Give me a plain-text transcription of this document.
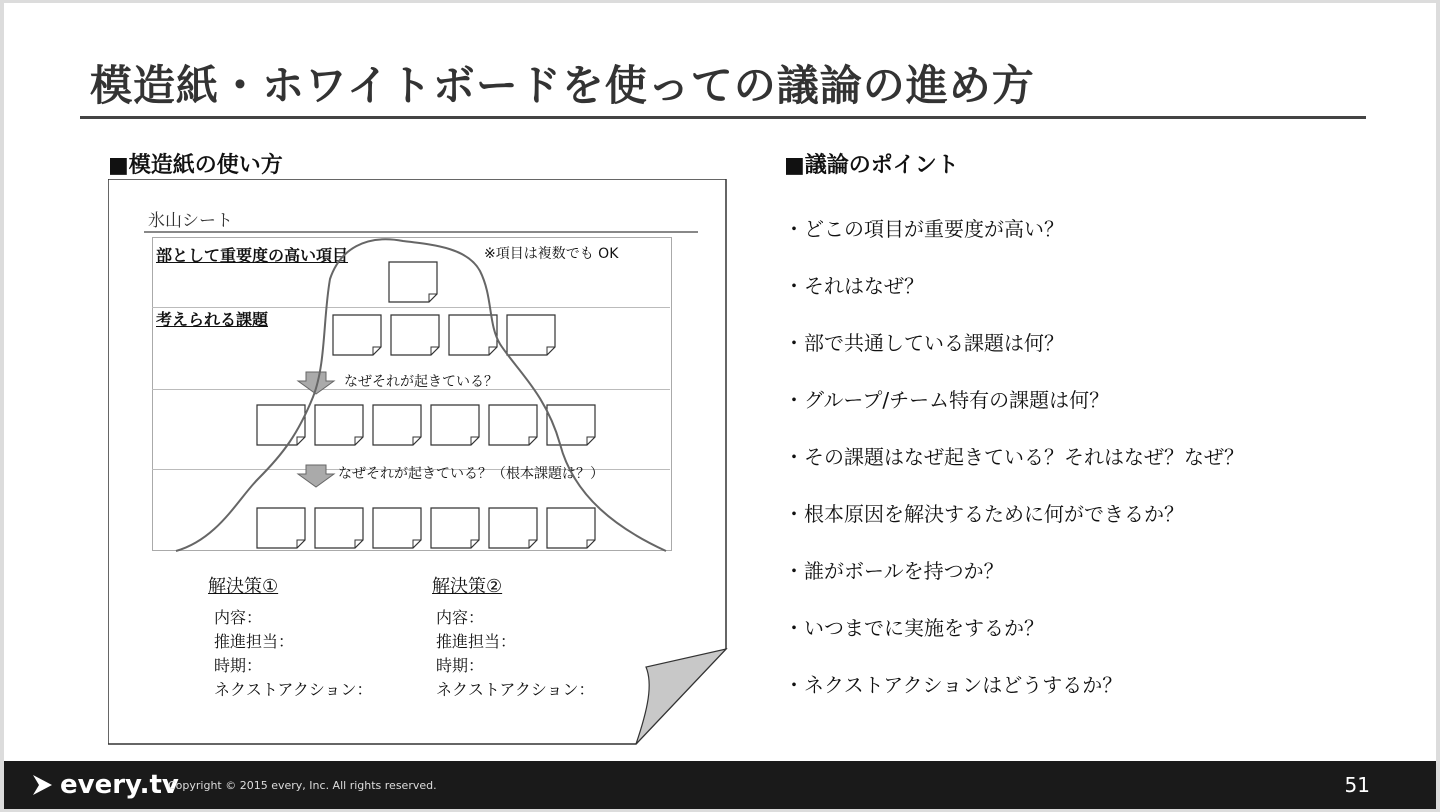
模造紙・ホワイトボードを使っての議論の進め方
■模造紙の使い方	■議論のポイント
氷山シート
部として重要度の高い項目	※項目は複数でも OK
考えられる課題
なぜそれが起きている？
なぜそれが起きている？（根本課題は？）
解決策①
内容：
推進担当：
時期：
ネクストアクション：
解決策②
内容：
推進担当：
時期：
ネクストアクション：
・どこの項目が重要度が高い？
・それはなぜ？
・部で共通している課題は何？
・グループ/チーム特有の課題は何？
・その課題はなぜ起きている？それはなぜ？なぜ？
・根本原因を解決するために何ができるか？
・誰がボールを持つか？
・いつまでに実施をするか？
・ネクストアクションはどうするか？
every.tv
Copyright © 2015 every, Inc. All rights reserved.	51
